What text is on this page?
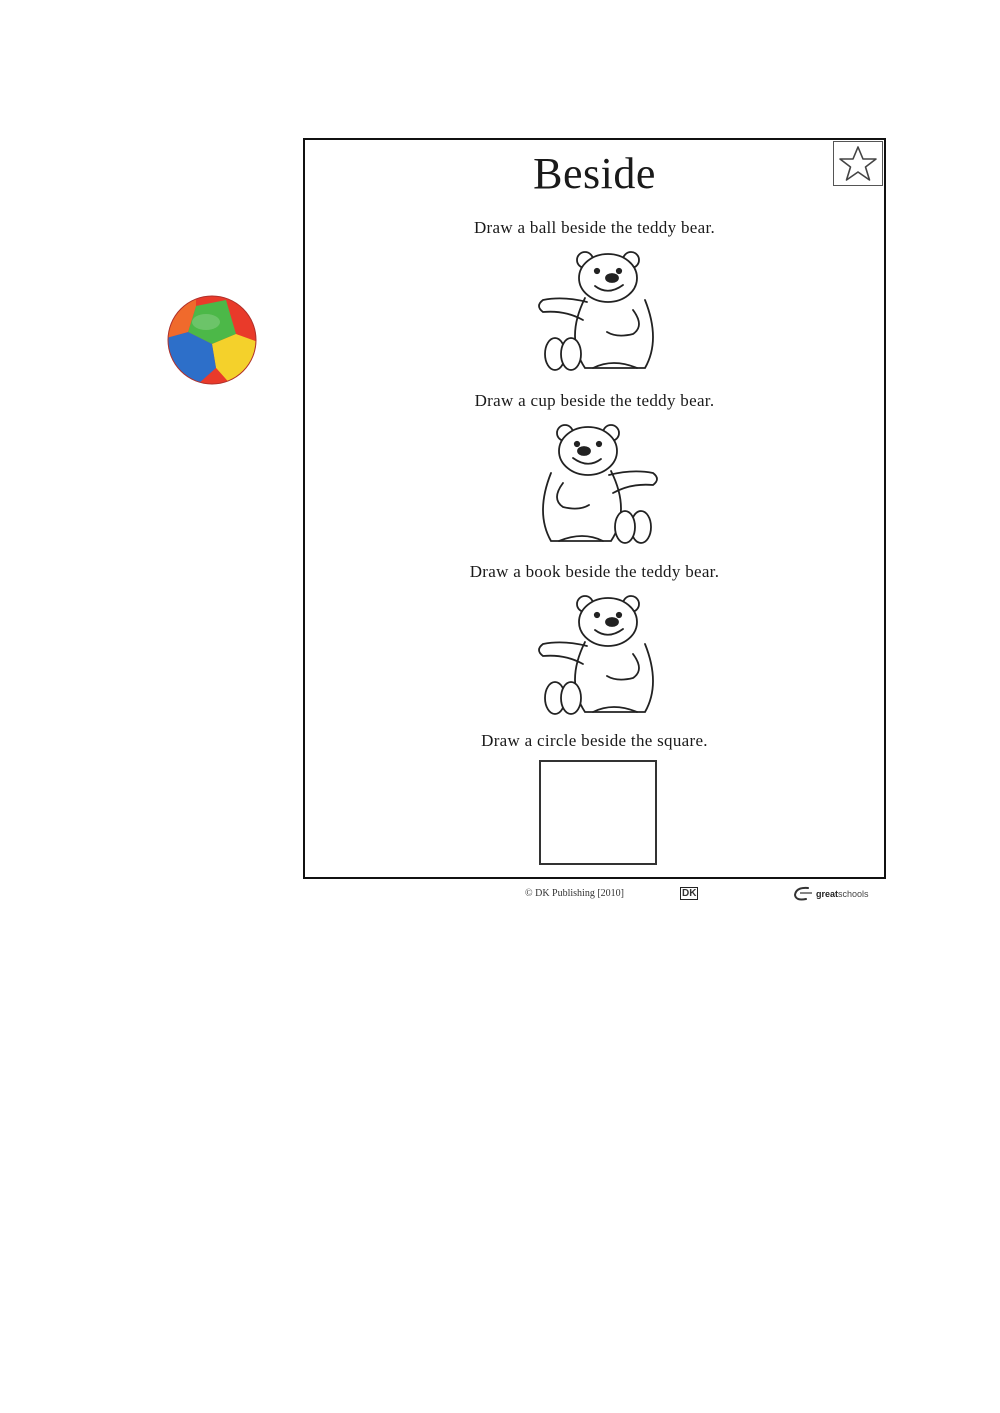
Beside
Draw a ball beside the teddy bear.
Draw a cup beside the teddy bear.
Draw a book beside the teddy bear.
Draw a circle beside the square.
© DK Publishing [2010]	DK	greatschools
